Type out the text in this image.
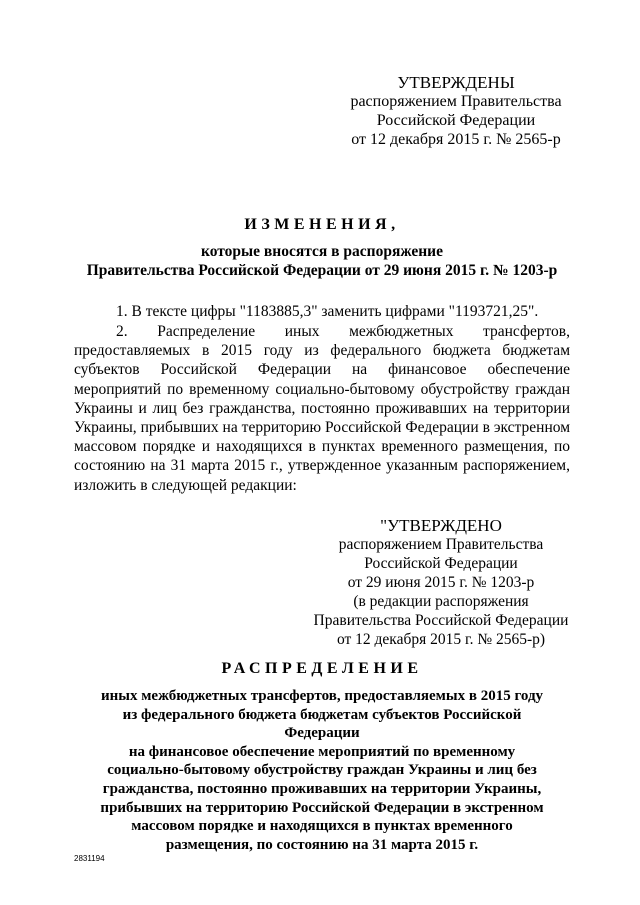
УТВЕРЖДЕНЫ
распоряжением Правительства
Российской Федерации
от 12 декабря 2015 г. № 2565-р
ИЗМЕНЕНИЯ,
которые вносятся в распоряжение
Правительства Российской Федерации от 29 июня 2015 г. № 1203-р
1. В тексте цифры "1183885,3" заменить цифрами "1193721,25".
2. Распределение иных межбюджетных трансфертов, предоставляемых в 2015 году из федерального бюджета бюджетам субъектов Российской Федерации на финансовое обеспечение мероприятий по временному социально-бытовому обустройству граждан Украины и лиц без гражданства, постоянно проживавших на территории Украины, прибывших на территорию Российской Федерации в экстренном массовом порядке и находящихся в пунктах временного размещения, по состоянию на 31 марта 2015 г., утвержденное указанным распоряжением, изложить в следующей редакции:
"УТВЕРЖДЕНО
распоряжением Правительства
Российской Федерации
от 29 июня 2015 г. № 1203-р
(в редакции распоряжения
Правительства Российской Федерации
от 12 декабря 2015 г. № 2565-р)
РАСПРЕДЕЛЕНИЕ
иных межбюджетных трансфертов, предоставляемых в 2015 году
из федерального бюджета бюджетам субъектов Российской Федерации
на финансовое обеспечение мероприятий по временному
социально-бытовому обустройству граждан Украины и лиц без
гражданства, постоянно проживавших на территории Украины,
прибывших на территорию Российской Федерации в экстренном
массовом порядке и находящихся в пунктах временного
размещения, по состоянию на 31 марта 2015 г.
2831194
